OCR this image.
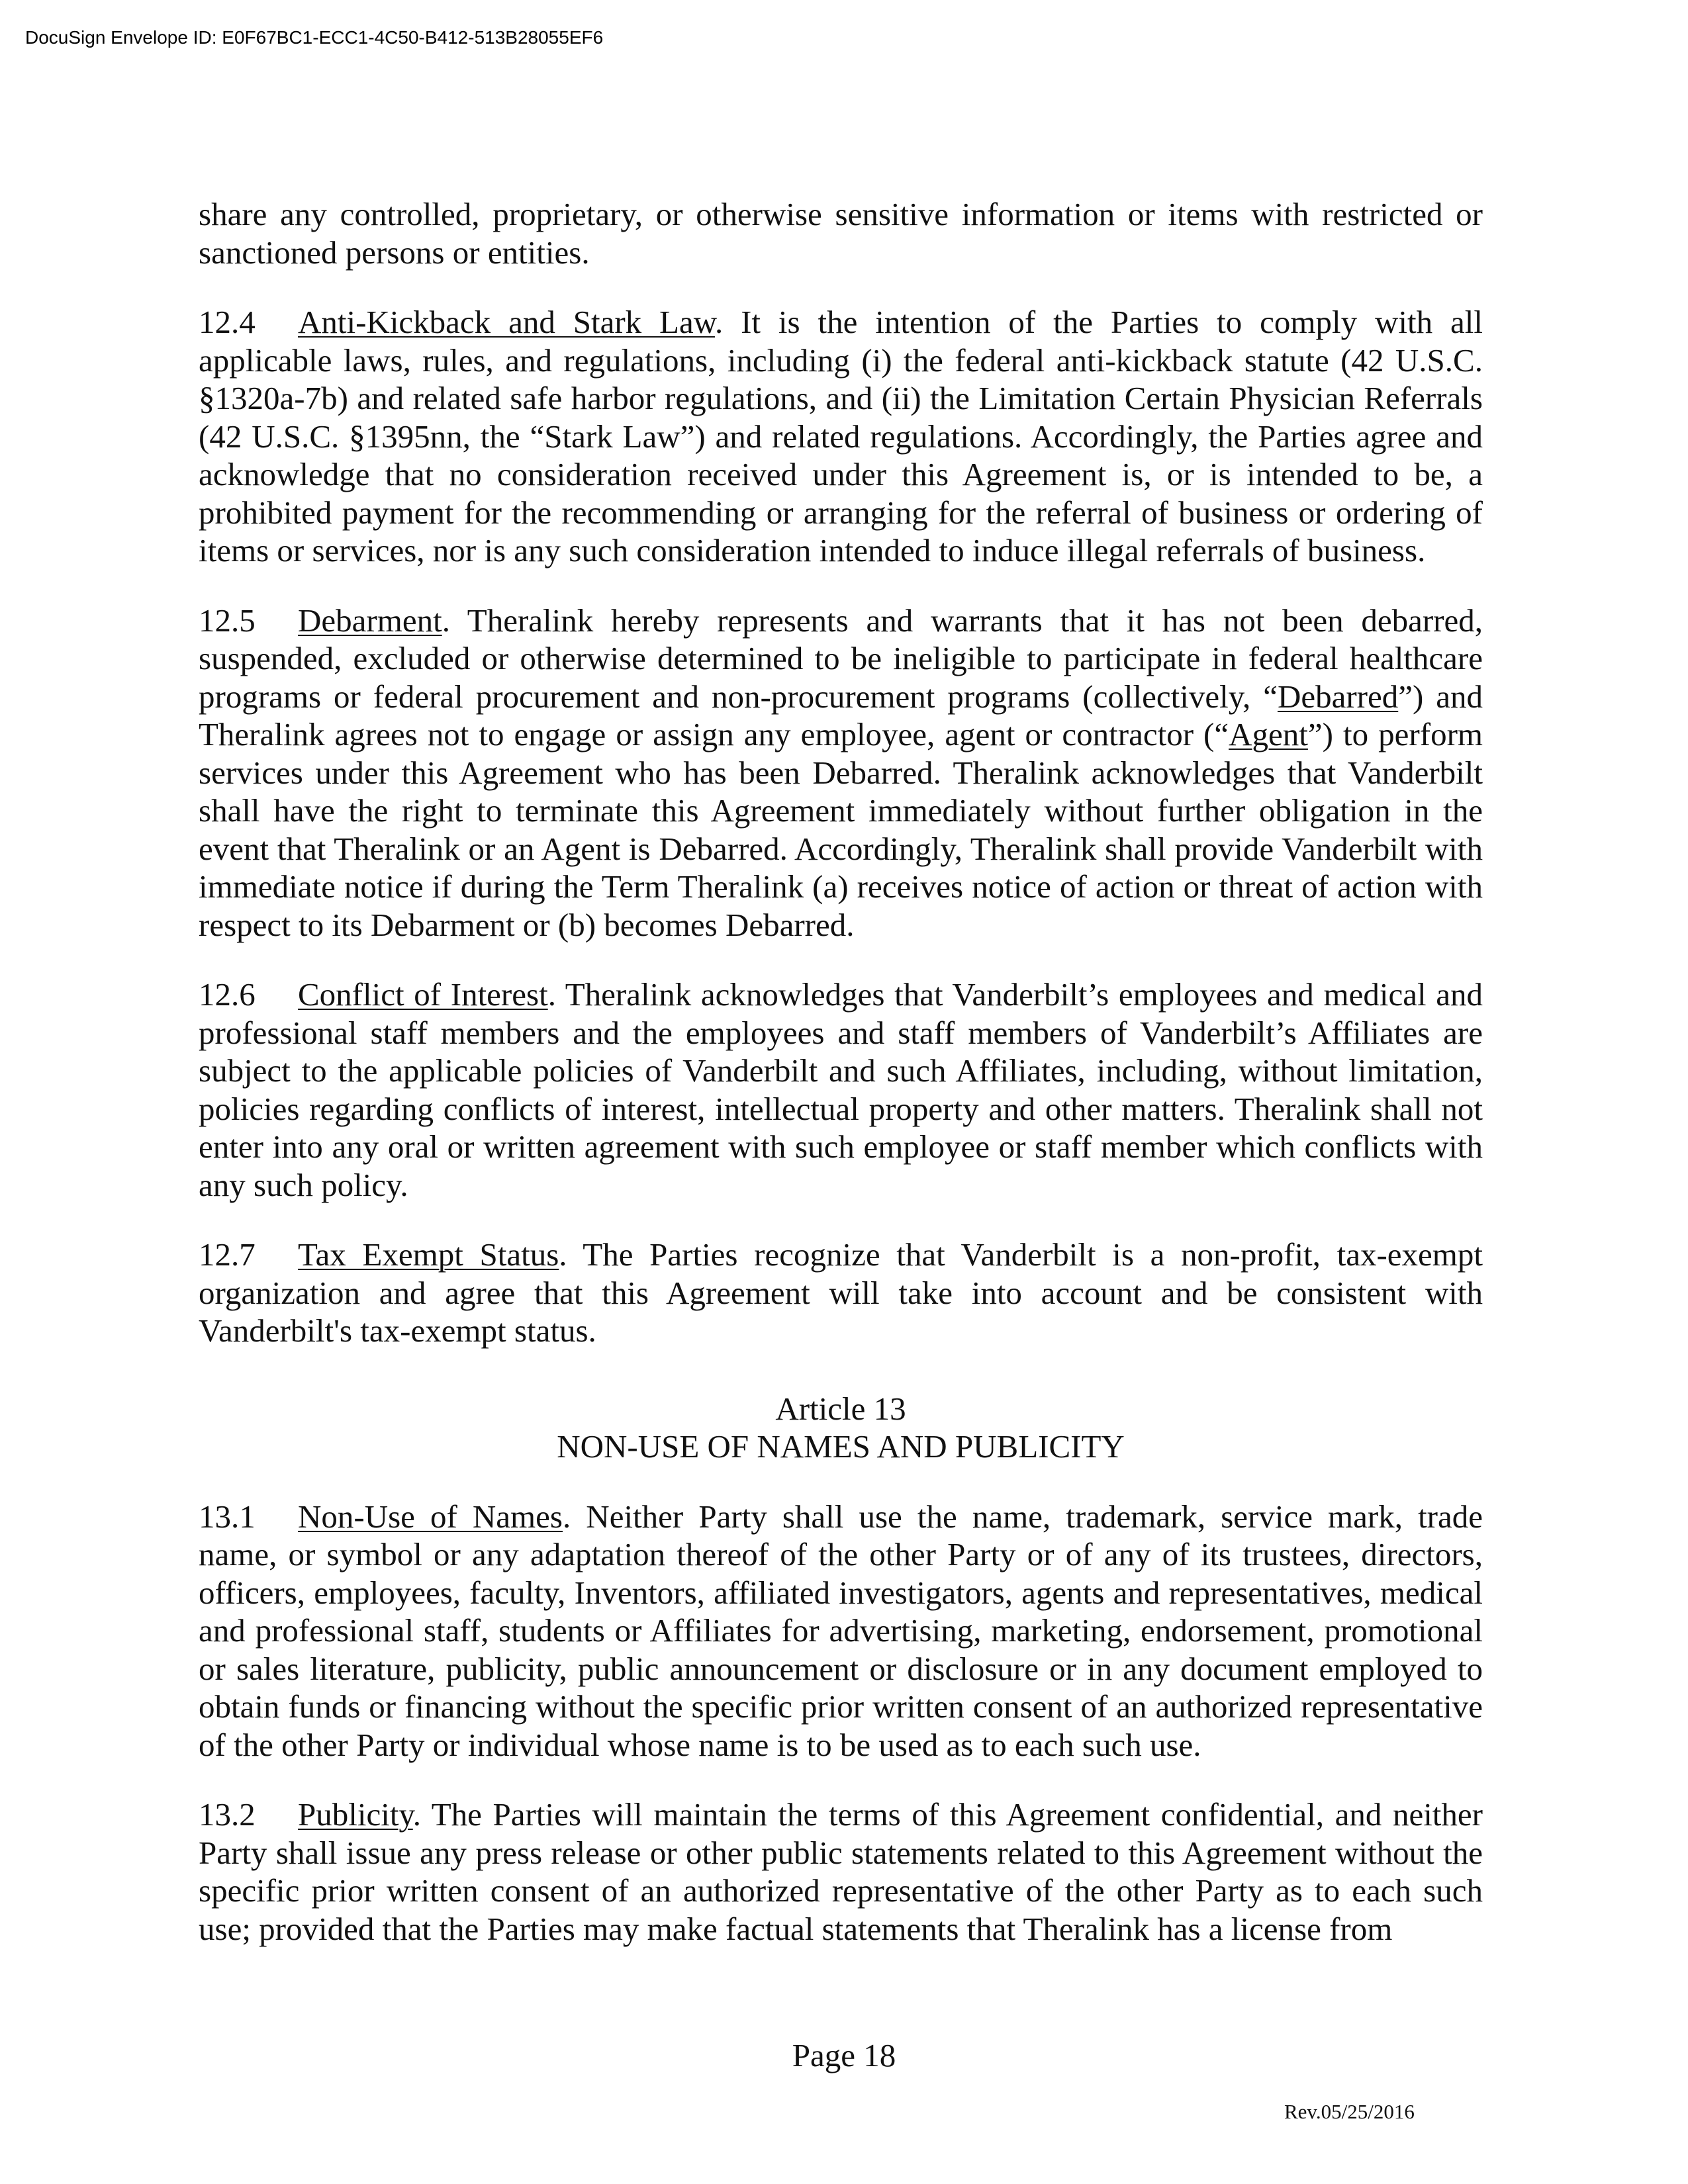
DocuSign Envelope ID: E0F67BC1-ECC1-4C50-B412-513B28055EF6

share any controlled, proprietary, or otherwise sensitive information or items with restricted or sanctioned persons or entities.

12.4 Anti-Kickback and Stark Law. It is the intention of the Parties to comply with all applicable laws, rules, and regulations, including (i) the federal anti-kickback statute (42 U.S.C. §1320a-7b) and related safe harbor regulations, and (ii) the Limitation Certain Physician Referrals (42 U.S.C. §1395nn, the “Stark Law”) and related regulations. Accordingly, the Parties agree and acknowledge that no consideration received under this Agreement is, or is intended to be, a prohibited payment for the recommending or arranging for the referral of business or ordering of items or services, nor is any such consideration intended to induce illegal referrals of business.

12.5 Debarment. Theralink hereby represents and warrants that it has not been debarred, suspended, excluded or otherwise determined to be ineligible to participate in federal healthcare programs or federal procurement and non-procurement programs (collectively, “Debarred”) and Theralink agrees not to engage or assign any employee, agent or contractor (“Agent”) to perform services under this Agreement who has been Debarred. Theralink acknowledges that Vanderbilt shall have the right to terminate this Agreement immediately without further obligation in the event that Theralink or an Agent is Debarred. Accordingly, Theralink shall provide Vanderbilt with immediate notice if during the Term Theralink (a) receives notice of action or threat of action with respect to its Debarment or (b) becomes Debarred.

12.6 Conflict of Interest. Theralink acknowledges that Vanderbilt’s employees and medical and professional staff members and the employees and staff members of Vanderbilt’s Affiliates are subject to the applicable policies of Vanderbilt and such Affiliates, including, without limitation, policies regarding conflicts of interest, intellectual property and other matters. Theralink shall not enter into any oral or written agreement with such employee or staff member which conflicts with any such policy.

12.7 Tax Exempt Status. The Parties recognize that Vanderbilt is a non-profit, tax-exempt organization and agree that this Agreement will take into account and be consistent with Vanderbilt's tax-exempt status.

Article 13
NON-USE OF NAMES AND PUBLICITY

13.1 Non-Use of Names. Neither Party shall use the name, trademark, service mark, trade name, or symbol or any adaptation thereof of the other Party or of any of its trustees, directors, officers, employees, faculty, Inventors, affiliated investigators, agents and representatives, medical and professional staff, students or Affiliates for advertising, marketing, endorsement, promotional or sales literature, publicity, public announcement or disclosure or in any document employed to obtain funds or financing without the specific prior written consent of an authorized representative of the other Party or individual whose name is to be used as to each such use.

13.2 Publicity. The Parties will maintain the terms of this Agreement confidential, and neither Party shall issue any press release or other public statements related to this Agreement without the specific prior written consent of an authorized representative of the other Party as to each such use; provided that the Parties may make factual statements that Theralink has a license from

Page 18
Rev.05/25/2016
